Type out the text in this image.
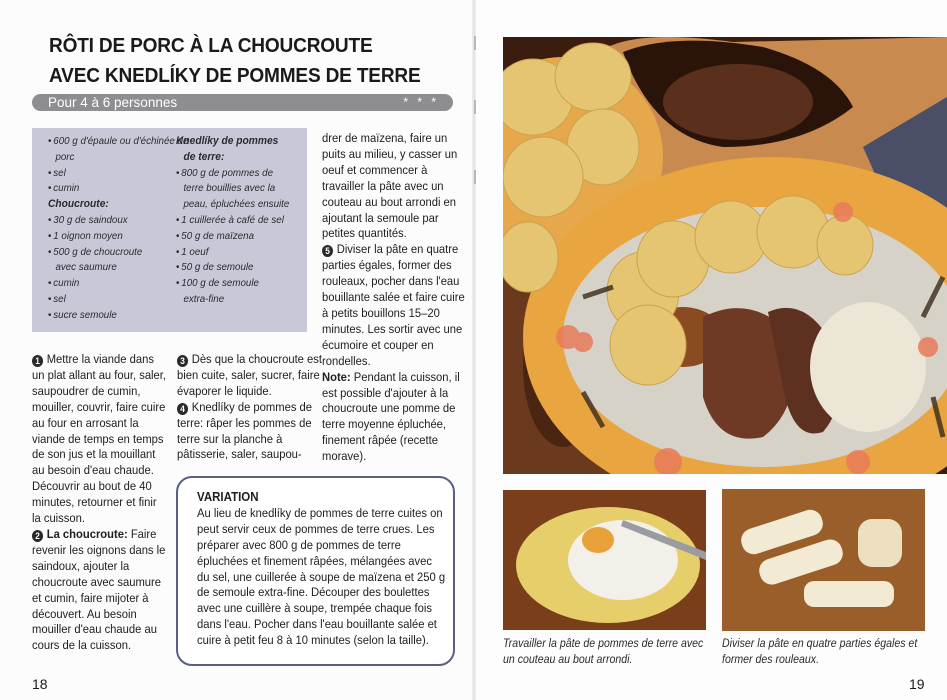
RÔTI DE PORC À LA CHOUCROUTE
AVEC KNEDLÍKY DE POMMES DE TERRE
Pour 4 à 6 personnes	* * *
• 600 g d'épaule ou d'échinée de porc
• sel
• cumin
Choucroute:
• 30 g de saindoux
• 1 oignon moyen
• 500 g de choucroute avec saumure
• cumin
• sel
• sucre semoule
Knedlíky de pommes
de terre:
• 800 g de pommes de terre bouillies avec la peau, épluchées ensuite
• 1 cuillerée à café de sel
• 50 g de maïzena
• 1 oeuf
• 50 g de semoule
• 100 g de semoule extra-fine
1 Mettre la viande dans un plat allant au four, saler, saupoudrer de cumin, mouiller, couvrir, faire cuire au four en arrosant la viande de temps en temps de son jus et la mouillant au besoin d'eau chaude. Découvrir au bout de 40 minutes, retourner et finir la cuisson.
2 La choucroute: Faire revenir les oignons dans le saindoux, ajouter la choucroute avec saumure et cumin, faire mijoter à découvert. Au besoin mouiller d'eau chaude au cours de la cuisson.
3 Dès que la choucroute est bien cuite, saler, sucrer, faire évaporer le liquide.
4 Knedlíky de pommes de terre: râper les pommes de terre sur la planche à pâtisserie, saler, saupou-
drer de maïzena, faire un puits au milieu, y casser un oeuf et commencer à travailler la pâte avec un couteau au bout arrondi en ajoutant la semoule par petites quantités.
5 Diviser la pâte en quatre parties égales, former des rouleaux, pocher dans l'eau bouillante salée et faire cuire à petits bouillons 15–20 minutes. Les sortir avec une écumoire et couper en rondelles.
Note: Pendant la cuisson, il est possible d'ajouter à la choucroute une pomme de terre moyenne épluchée, finement râpée (recette morave).
VARIATION
Au lieu de knedlíky de pommes de terre cuites on peut servir ceux de pommes de terre crues. Les préparer avec 800 g de pommes de terre épluchées et finement râpées, mélangées avec du sel, une cuillerée à soupe de maïzena et 250 g de semoule extra-fine. Découper des boulettes avec une cuillère à soupe, trempée chaque fois dans l'eau. Pocher dans l'eau bouillante salée et cuire à petit feu 8 à 10 minutes (selon la taille).
18
Travailler la pâte de pommes de terre avec un couteau au bout arrondi.
Diviser la pâte en quatre parties égales et former des rouleaux.
19
